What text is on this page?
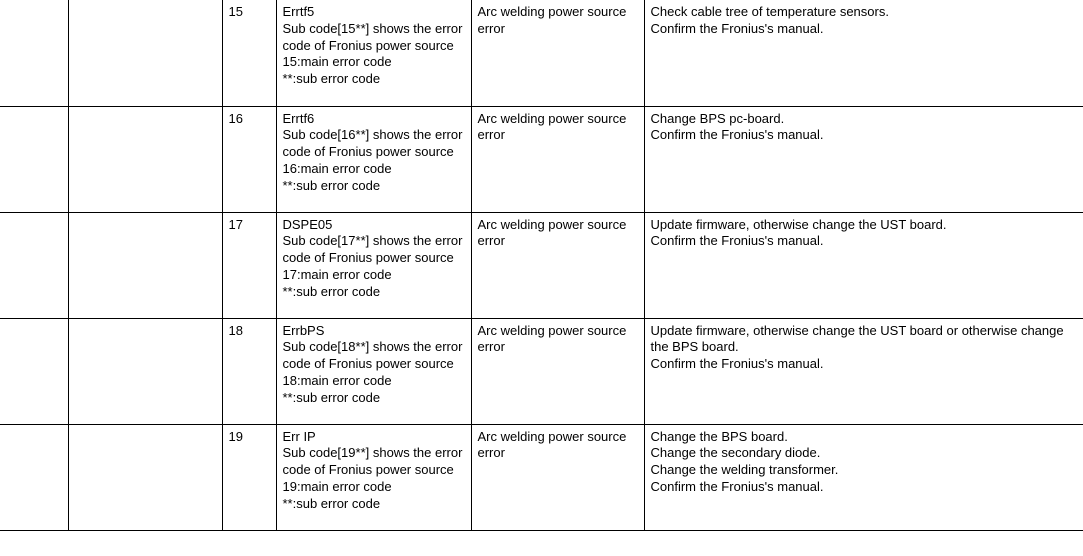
		15	Errtf5
Sub code[15**] shows the error code of Fronius power source
15:main error code
**:sub error code	Arc welding power source error	Check cable tree of temperature sensors.
Confirm the Fronius's manual.

		16	Errtf6
Sub code[16**] shows the error code of Fronius power source
16:main error code
**:sub error code	Arc welding power source error	Change BPS pc-board.
Confirm the Fronius's manual.

		17	DSPE05
Sub code[17**] shows the error code of Fronius power source
17:main error code
**:sub error code	Arc welding power source error	Update firmware, otherwise change the UST board.
Confirm the Fronius's manual.

		18	ErrbPS
Sub code[18**] shows the error code of Fronius power source
18:main error code
**:sub error code	Arc welding power source error	Update firmware, otherwise change the UST board or otherwise change the BPS board.
Confirm the Fronius's manual.

		19	Err IP
Sub code[19**] shows the error code of Fronius power source
19:main error code
**:sub error code	Arc welding power source error	Change the BPS board.
Change the secondary diode.
Change the welding transformer.
Confirm the Fronius's manual.
